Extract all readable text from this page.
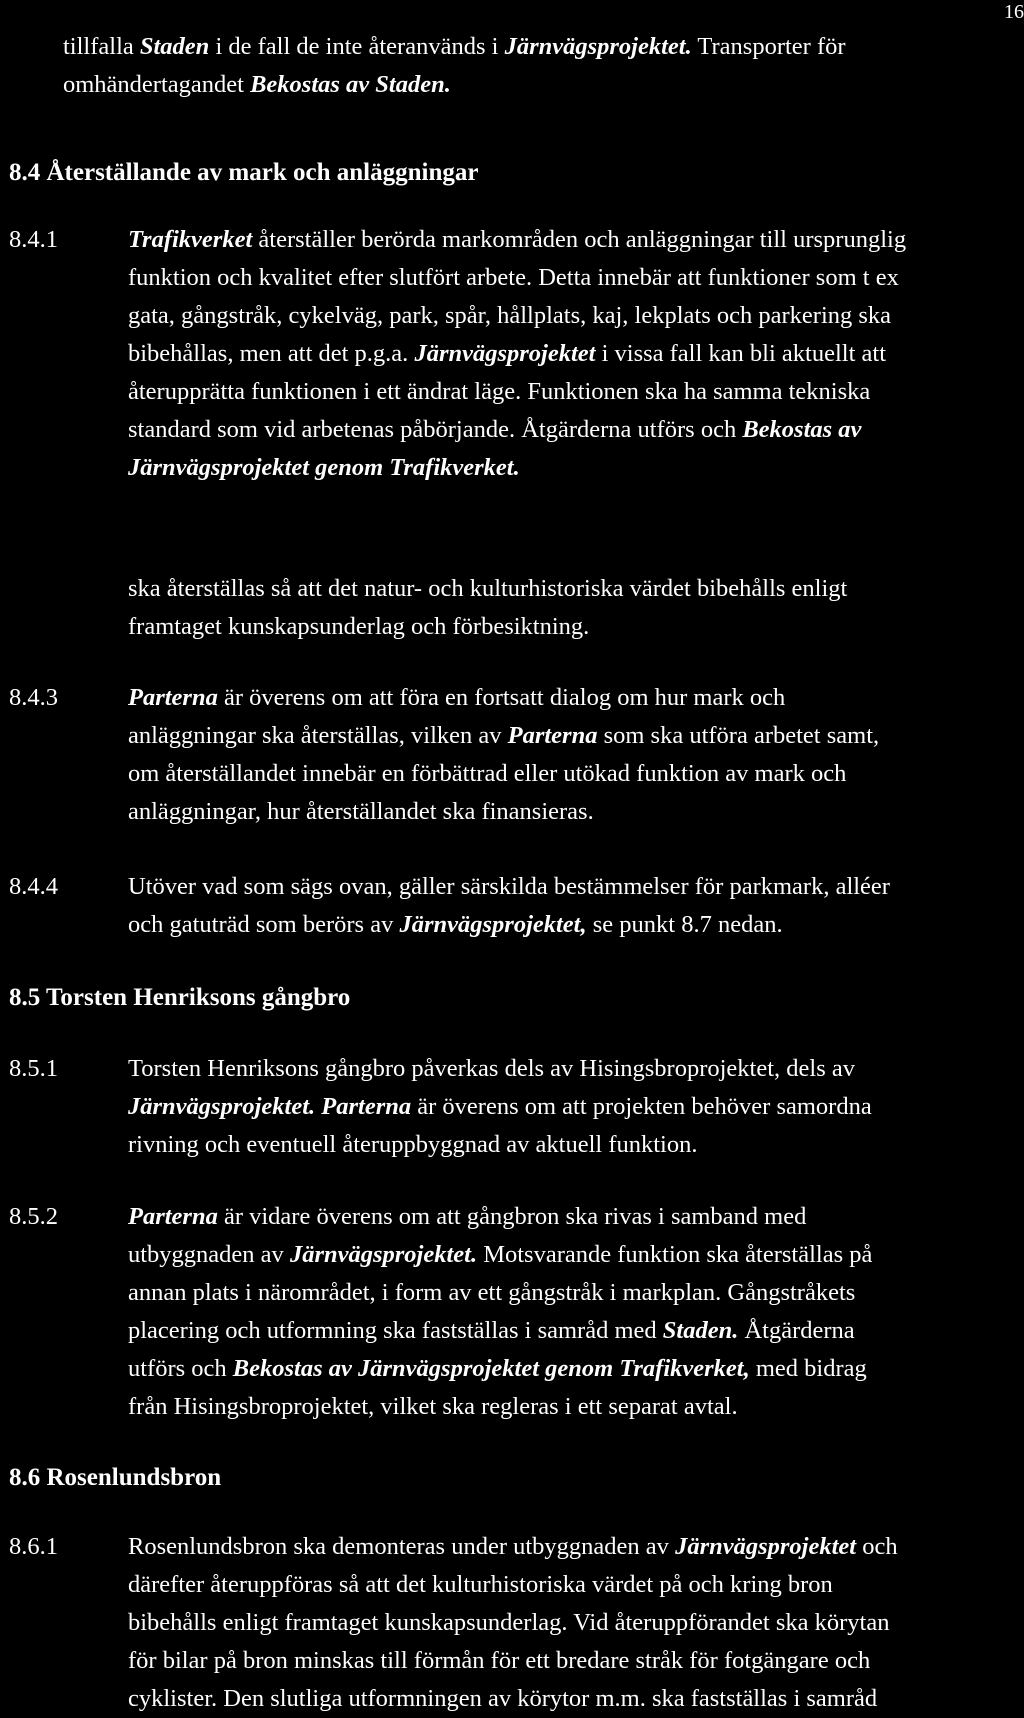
16
tillfalla Staden i de fall de inte återanvänds i Järnvägsprojektet. Transporter för
omhändertagandet Bekostas av Staden.
8.4 Återställande av mark och anläggningar
8.4.1	Trafikverket återställer berörda markområden och anläggningar till ursprunglig
funktion och kvalitet efter slutfört arbete. Detta innebär att funktioner som t ex
gata, gångstråk, cykelväg, park, spår, hållplats, kaj, lekplats och parkering ska
bibehållas, men att det p.g.a. Järnvägsprojektet i vissa fall kan bli aktuellt att
återupprätta funktionen i ett ändrat läge. Funktionen ska ha samma tekniska
standard som vid arbetenas påbörjande. Åtgärderna utförs och Bekostas av
Järnvägsprojektet genom Trafikverket.
ska återställas så att det natur- och kulturhistoriska värdet bibehålls enligt
framtaget kunskapsunderlag och förbesiktning.
8.4.3	Parterna är överens om att föra en fortsatt dialog om hur mark och
anläggningar ska återställas, vilken av Parterna som ska utföra arbetet samt,
om återställandet innebär en förbättrad eller utökad funktion av mark och
anläggningar, hur återställandet ska finansieras.
8.4.4	Utöver vad som sägs ovan, gäller särskilda bestämmelser för parkmark, alléer
och gatuträd som berörs av Järnvägsprojektet, se punkt 8.7 nedan.
8.5 Torsten Henriksons gångbro
8.5.1	Torsten Henriksons gångbro påverkas dels av Hisingsbroprojektet, dels av
Järnvägsprojektet. Parterna är överens om att projekten behöver samordna
rivning och eventuell återuppbyggnad av aktuell funktion.
8.5.2	Parterna är vidare överens om att gångbron ska rivas i samband med
utbyggnaden av Järnvägsprojektet. Motsvarande funktion ska återställas på
annan plats i närområdet, i form av ett gångstråk i markplan. Gångstråkets
placering och utformning ska fastställas i samråd med Staden. Åtgärderna
utförs och Bekostas av Järnvägsprojektet genom Trafikverket, med bidrag
från Hisingsbroprojektet, vilket ska regleras i ett separat avtal.
8.6 Rosenlundsbron
8.6.1	Rosenlundsbron ska demonteras under utbyggnaden av Järnvägsprojektet och
därefter återuppföras så att det kulturhistoriska värdet på och kring bron
bibehålls enligt framtaget kunskapsunderlag. Vid återuppförandet ska körytan
för bilar på bron minskas till förmån för ett bredare stråk för fotgängare och
cyklister. Den slutliga utformningen av körytor m.m. ska fastställas i samråd
